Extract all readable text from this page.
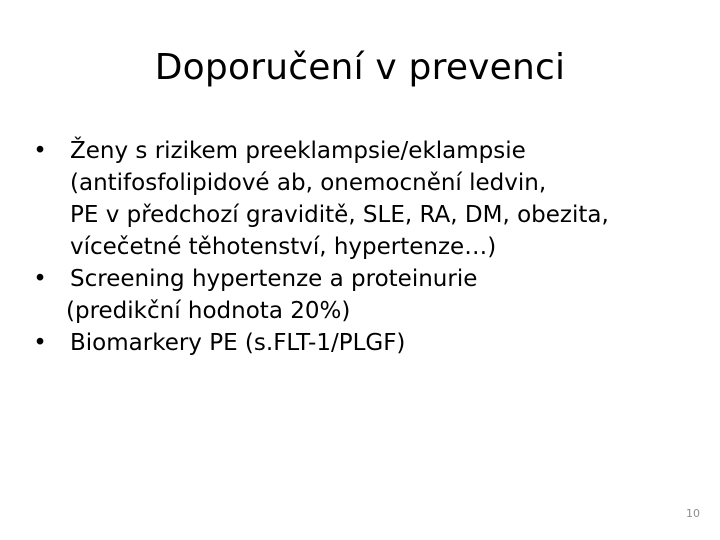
Doporučení v prevenci
• Ženy s rizikem preeklampsie/eklampsie
(antifosfolipidové ab, onemocnění ledvin,
PE v předchozí graviditě, SLE, RA, DM, obezita,
vícečetné těhotenství, hypertenze…)
• Screening hypertenze a proteinurie
(predikční hodnota 20%)
• Biomarkery PE (s.FLT-1/PLGF)
10
